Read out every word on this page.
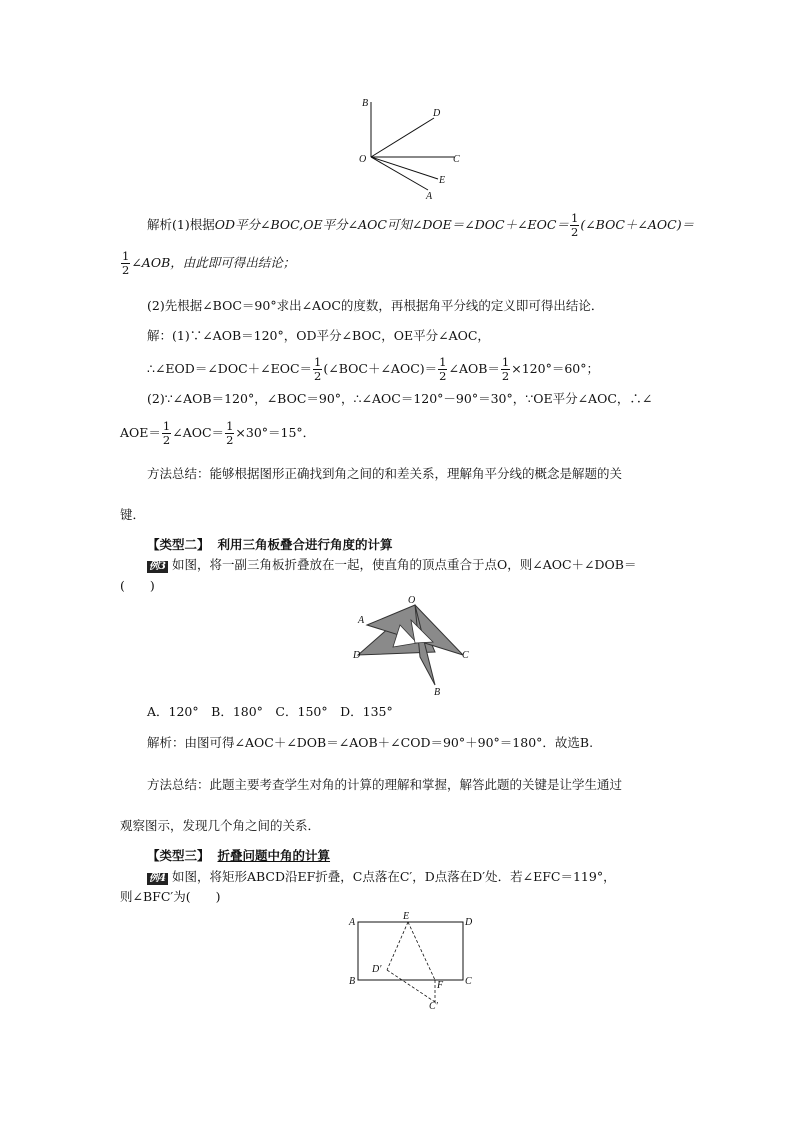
B
D
O	C
E
A
解析(1)根据OD平分∠BOC,OE平分∠AOC可知∠DOE＝∠DOC＋∠EOC＝ $\frac{1}{2}$ (∠BOC＋∠AOC)＝
$\frac{1}{2}$ ∠AOB，由此即可得出结论；
(2)先根据∠BOC＝90°求出∠AOC的度数，再根据角平分线的定义即可得出结论．
解：(1)∵∠AOB＝120°，OD平分∠BOC，OE平分∠AOC，
∴∠EOD＝∠DOC＋∠EOC＝ $\frac{1}{2}$ (∠BOC＋∠AOC)＝ $\frac{1}{2}$ ∠AOB＝ $\frac{1}{2} \times 120^\circ=60^\circ$；
(2)∵∠AOB＝120°，∠BOC＝90°，∴∠AOC＝120°－90°＝30°，∵OE平分∠AOC，∴∠
$AOE= \frac{1}{2}$ ∠AOC＝ $\frac{1}{2} \times 30^\circ=15^\circ$．
方法总结：能够根据图形正确找到角之间的和差关系，理解角平分线的概念是解题的关
键．
【类型二】 利用三角板叠合进行角度的计算
例3 如图，将一副三角板折叠放在一起，使直角的顶点重合于点O，则∠AOC＋∠DOB＝
(　　)
O
A
D	C
B
A．120°　B．180°　C．150°　D．135°
解析：由图可得∠AOC＋∠DOB＝∠AOB＋∠COD＝90°＋90°＝180°．故选B.
方法总结：此题主要考查学生对角的计算的理解和掌握，解答此题的关键是让学生通过
观察图示，发现几个角之间的关系．
【类型三】 折叠问题中角的计算
例4 如图，将矩形ABCD沿EF折叠，C点落在C′，D点落在D′处．若∠EFC＝119°，
则∠BFC′为(　　)
A
E
D
B
D′
F C
C′
